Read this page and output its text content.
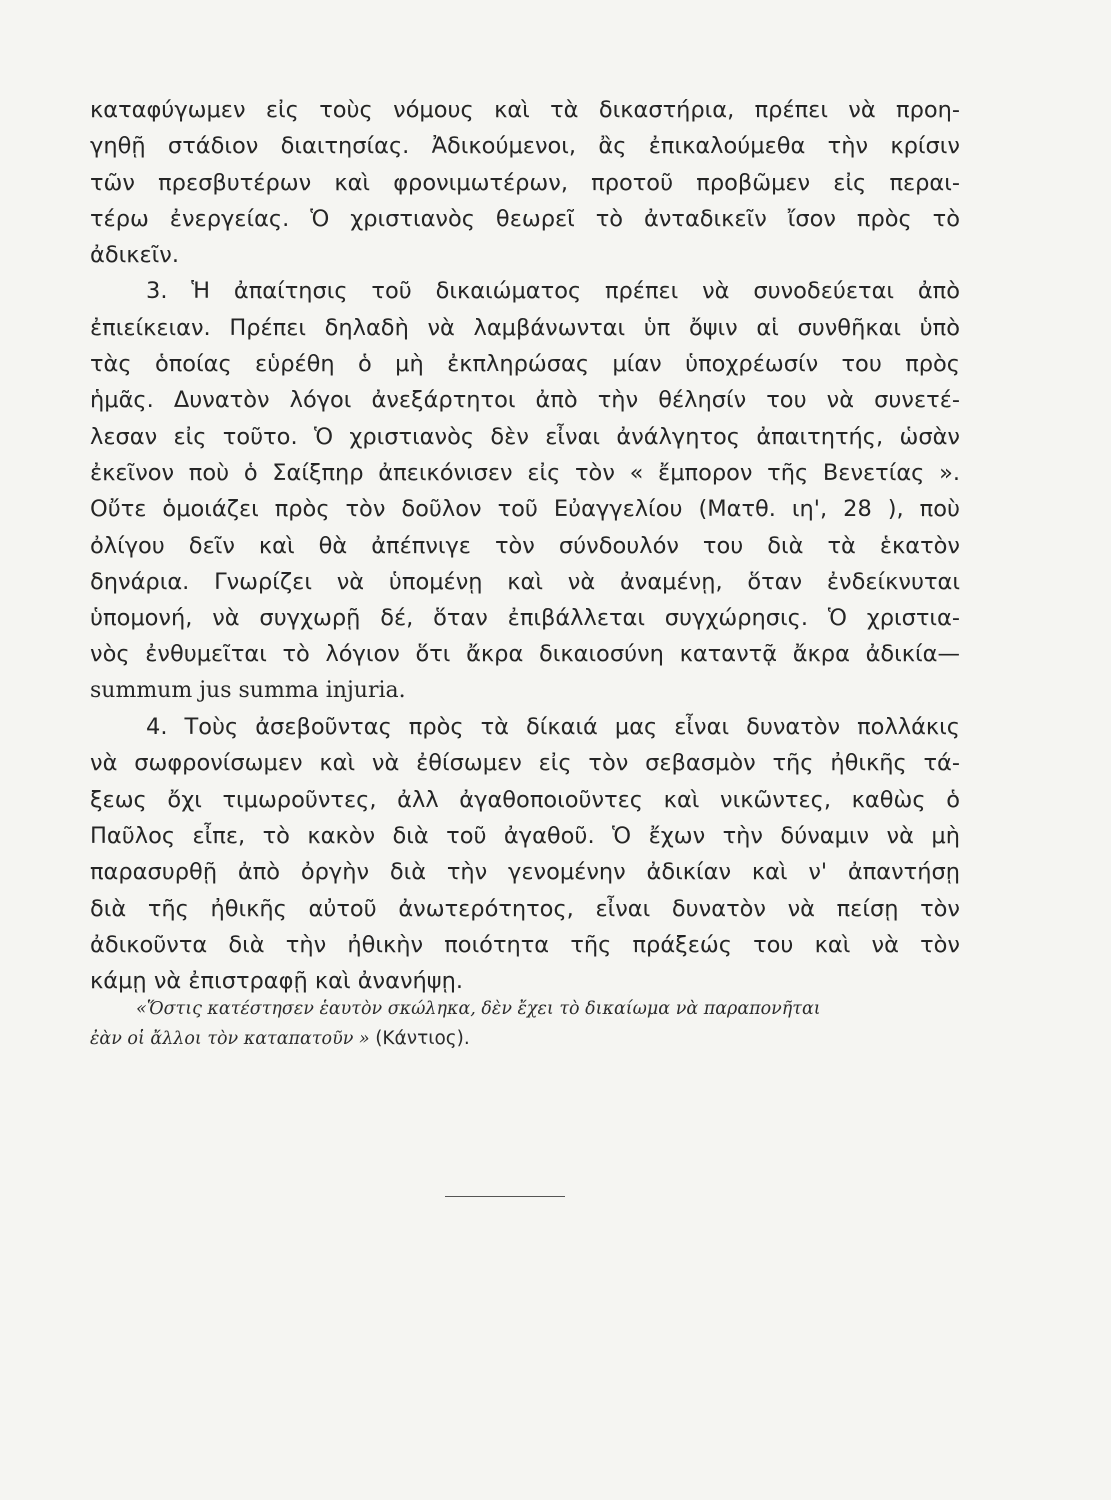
καταφύγωμεν εἰς τοὺς νόμους καὶ τὰ δικαστήρια, πρέπει νὰ προη-
γηθῇ στάδιον διαιτησίας. Ἀδικούμενοι, ἂς ἐπικαλούμεθα τὴν κρίσιν
τῶν πρεσβυτέρων καὶ φρονιμωτέρων, προτοῦ προβῶμεν εἰς περαι-
τέρω ἐνεργείας. Ὁ χριστιανὸς θεωρεῖ τὸ ἀνταδικεῖν ἴσον πρὸς τὸ
ἀδικεῖν.
3. Ἡ ἀπαίτησις τοῦ δικαιώματος πρέπει νὰ συνοδεύεται ἀπὸ
ἐπιείκειαν. Πρέπει δηλαδὴ νὰ λαμβάνωνται ὑπ ὄψιν αἱ συνθῆκαι ὑπὸ
τὰς ὁποίας εὑρέθη ὁ μὴ ἐκπληρώσας μίαν ὑποχρέωσίν του πρὸς
ἡμᾶς. Δυνατὸν λόγοι ἀνεξάρτητοι ἀπὸ τὴν θέλησίν του νὰ συνετέ-
λεσαν εἰς τοῦτο. Ὁ χριστιανὸς δὲν εἶναι ἀνάλγητος ἀπαιτητής, ὡσὰν
ἐκεῖνον ποὺ ὁ Σαίξπηρ ἀπεικόνισεν εἰς τὸν « ἔμπορον τῆς Βενετίας ».
Οὔτε ὁμοιάζει πρὸς τὸν δοῦλον τοῦ Εὐαγγελίου (Ματθ. ιη', 28 ), ποὺ
ὀλίγου δεῖν καὶ θὰ ἀπέπνιγε τὸν σύνδουλόν του διὰ τὰ ἑκατὸν
δηνάρια. Γνωρίζει νὰ ὑπομένῃ καὶ νὰ ἀναμένῃ, ὅταν ἐνδείκνυται
ὑπομονή, νὰ συγχωρῇ δέ, ὅταν ἐπιβάλλεται συγχώρησις. Ὁ χριστια-
νὸς ἐνθυμεῖται τὸ λόγιον ὅτι ἄκρα δικαιοσύνη καταντᾷ ἄκρα ἀδικία—
summum jus summa injuria.
4. Τοὺς ἀσεβοῦντας πρὸς τὰ δίκαιά μας εἶναι δυνατὸν πολλάκις
νὰ σωφρονίσωμεν καὶ νὰ ἐθίσωμεν εἰς τὸν σεβασμὸν τῆς ἠθικῆς τά-
ξεως ὄχι τιμωροῦντες, ἀλλ ἀγαθοποιοῦντες καὶ νικῶντες, καθὼς ὁ
Παῦλος εἶπε, τὸ κακὸν διὰ τοῦ ἀγαθοῦ. Ὁ ἔχων τὴν δύναμιν νὰ μὴ
παρασυρθῇ ἀπὸ ὀργὴν διὰ τὴν γενομένην ἀδικίαν καὶ ν' ἀπαντήσῃ
διὰ τῆς ἠθικῆς αὐτοῦ ἀνωτερότητος, εἶναι δυνατὸν νὰ πείσῃ τὸν
ἀδικοῦντα διὰ τὴν ἠθικὴν ποιότητα τῆς πράξεώς του καὶ νὰ τὸν
κάμῃ νὰ ἐπιστραφῇ καὶ ἀνανήψῃ.
«Ὅστις κατέστησεν ἑαυτὸν σκώληκα, δὲν ἔχει τὸ δικαίωμα νὰ παραπονῆται
ἐὰν οἱ ἄλλοι τὸν καταπατοῦν » (Κάντιος).
